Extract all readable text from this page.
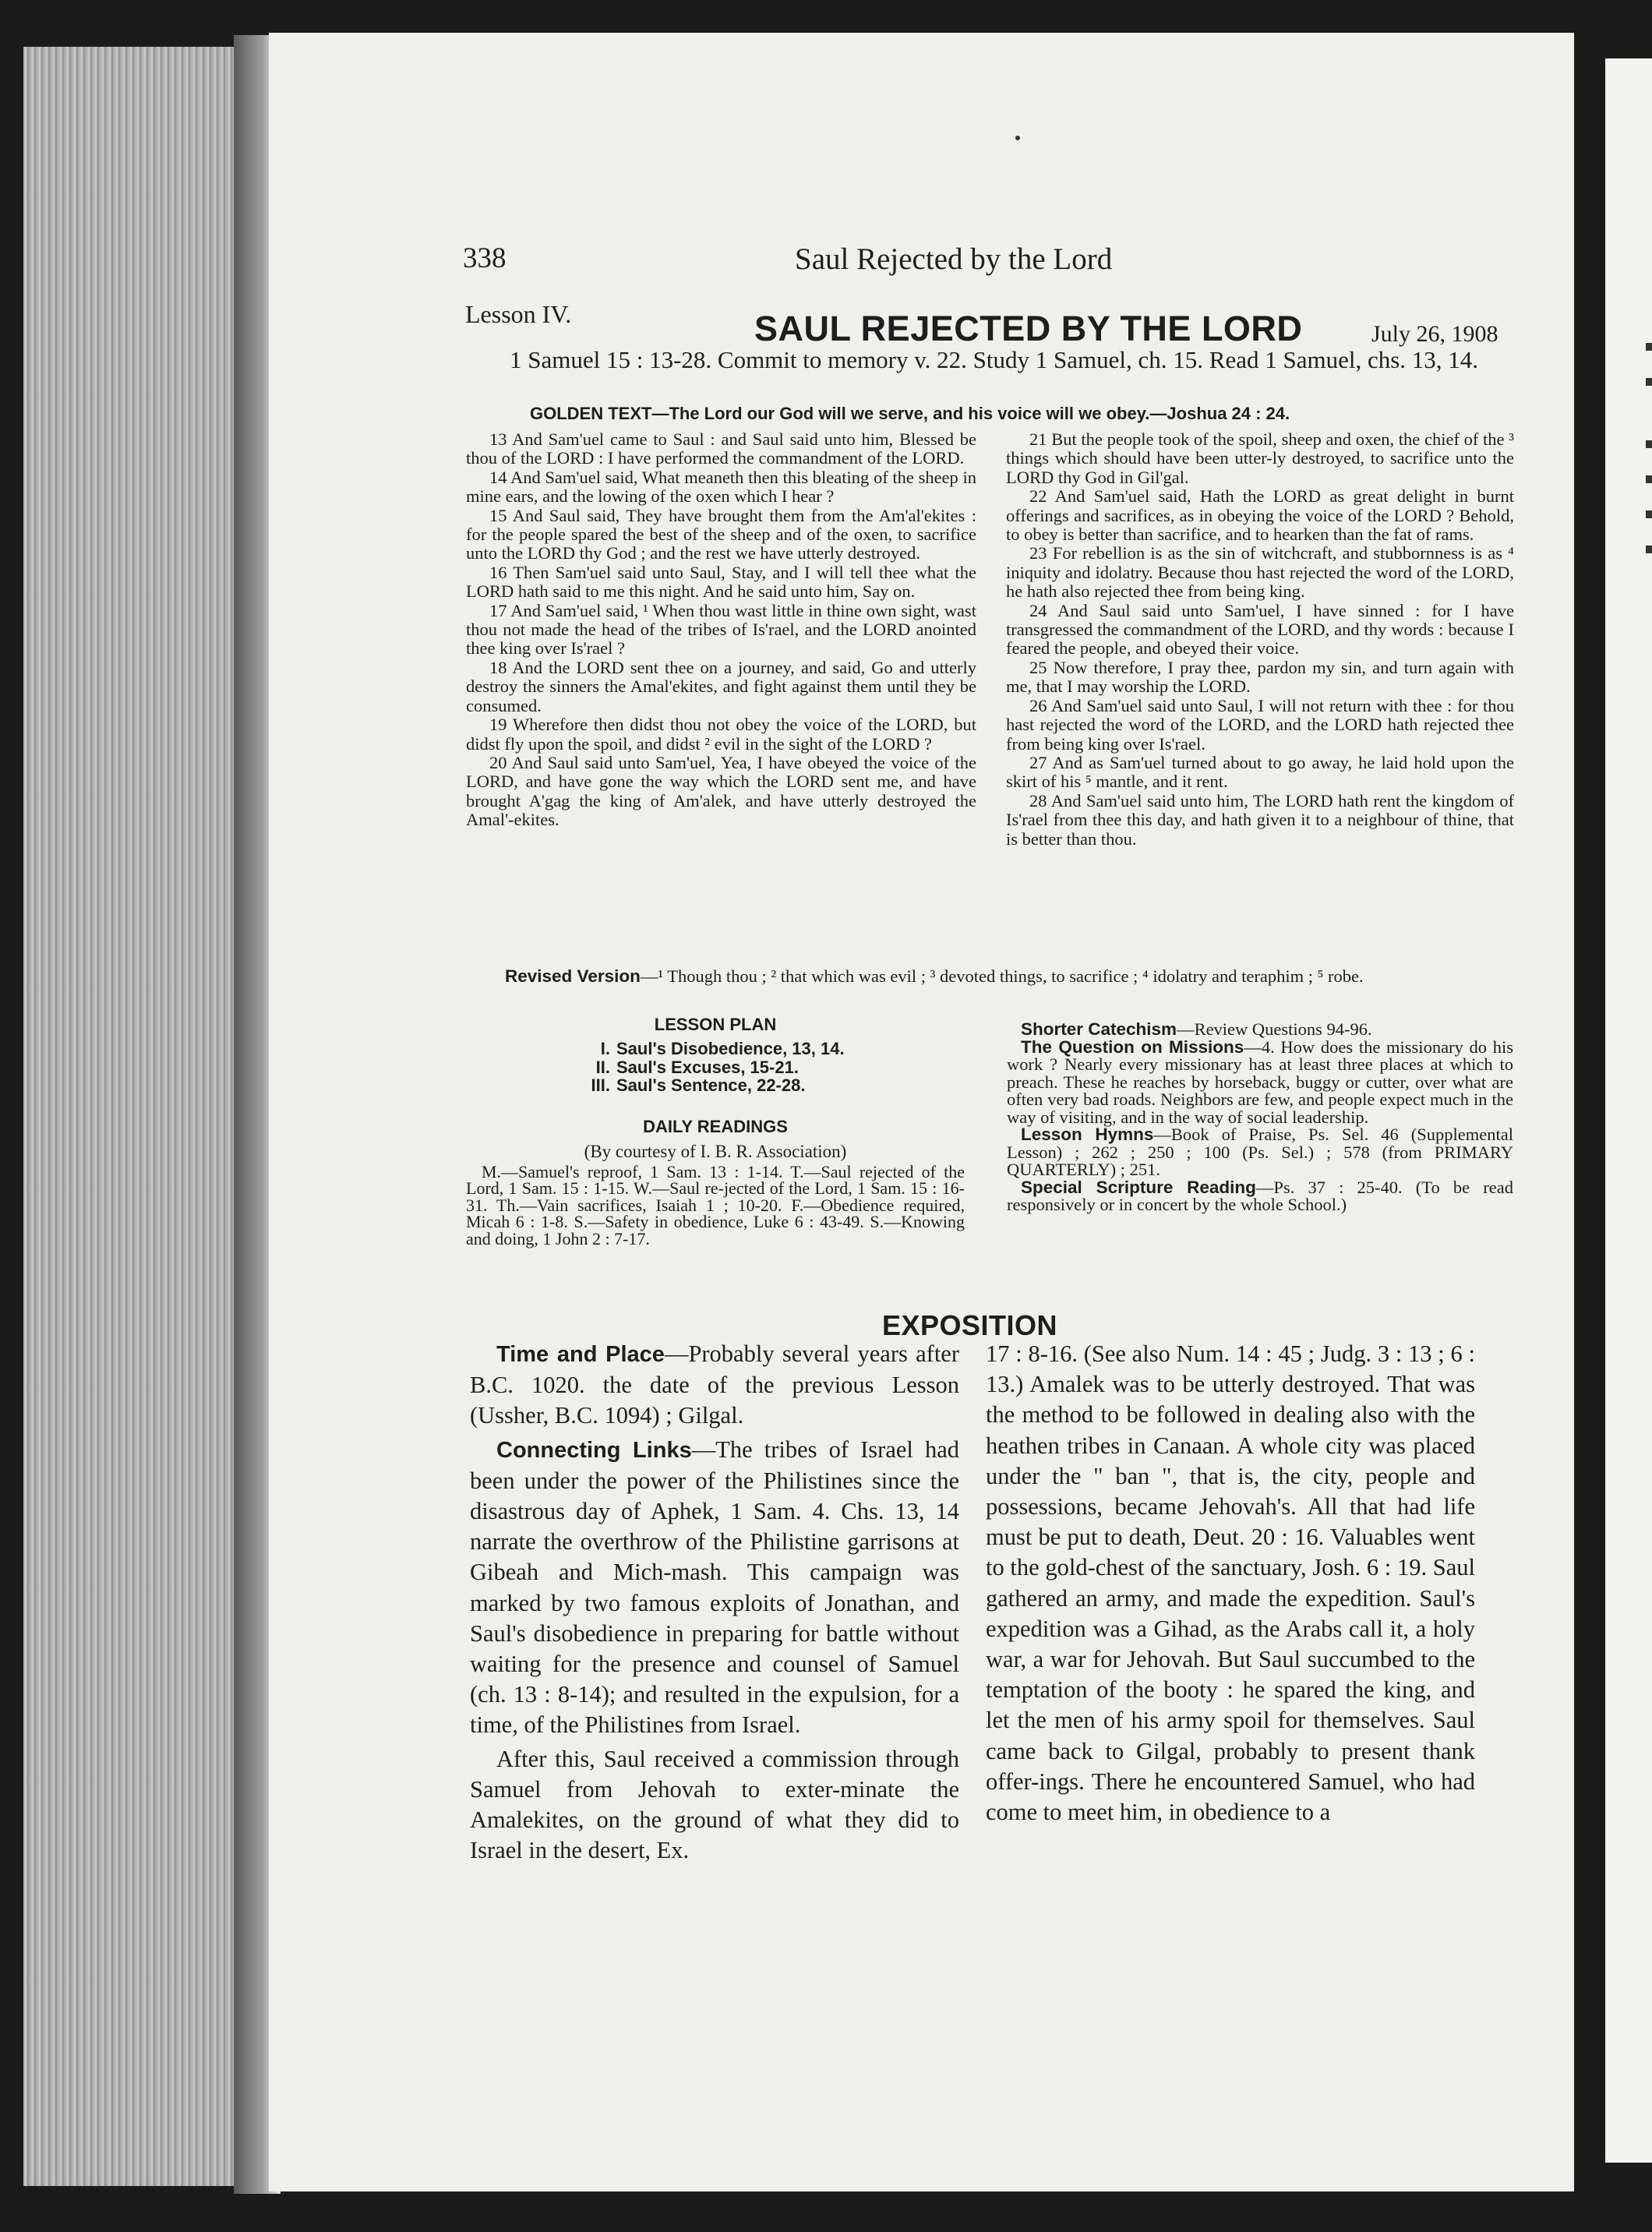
338	Saul Rejected by the Lord
Lesson IV.	SAUL REJECTED BY THE LORD	July 26, 1908
1 Samuel 15 : 13-28. Commit to memory v. 22. Study 1 Samuel, ch. 15. Read 1 Samuel, chs. 13, 14.
GOLDEN TEXT—The Lord our God will we serve, and his voice will we obey.—Joshua 24 : 24.

13 And Sam'uel came to Saul : and Saul said unto him, Blessed be thou of the LORD : I have performed the commandment of the LORD.

14 And Sam'uel said, What meaneth then this bleating of the sheep in mine ears, and the lowing of the oxen which I hear ?

15 And Saul said, They have brought them from the Am'al'ekites : for the people spared the best of the sheep and of the oxen, to sacrifice unto the LORD thy God ; and the rest we have utterly destroyed.

16 Then Sam'uel said unto Saul, Stay, and I will tell thee what the LORD hath said to me this night. And he said unto him, Say on.

17 And Sam'uel said, ¹ When thou wast little in thine own sight, wast thou not made the head of the tribes of Is'rael, and the LORD anointed thee king over Is'rael ?

18 And the LORD sent thee on a journey, and said, Go and utterly destroy the sinners the Amal'ekites, and fight against them until they be consumed.

19 Wherefore then didst thou not obey the voice of the LORD, but didst fly upon the spoil, and didst ² evil in the sight of the LORD ?

20 And Saul said unto Sam'uel, Yea, I have obeyed the voice of the LORD, and have gone the way which the LORD sent me, and have brought A'gag the king of Am'alek, and have utterly destroyed the Amal'-ekites.

21 But the people took of the spoil, sheep and oxen, the chief of the ³ things which should have been utter-ly destroyed, to sacrifice unto the LORD thy God in Gil'gal.

22 And Sam'uel said, Hath the LORD as great delight in burnt offerings and sacrifices, as in obeying the voice of the LORD ? Behold, to obey is better than sacrifice, and to hearken than the fat of rams.

23 For rebellion is as the sin of witchcraft, and stubbornness is as ⁴ iniquity and idolatry. Because thou hast rejected the word of the LORD, he hath also rejected thee from being king.

24 And Saul said unto Sam'uel, I have sinned : for I have transgressed the commandment of the LORD, and thy words : because I feared the people, and obeyed their voice.

25 Now therefore, I pray thee, pardon my sin, and turn again with me, that I may worship the LORD.

26 And Sam'uel said unto Saul, I will not return with thee : for thou hast rejected the word of the LORD, and the LORD hath rejected thee from being king over Is'rael.

27 And as Sam'uel turned about to go away, he laid hold upon the skirt of his ⁵ mantle, and it rent.

28 And Sam'uel said unto him, The LORD hath rent the kingdom of Is'rael from thee this day, and hath given it to a neighbour of thine, that is better than thou.

Revised Version—¹ Though thou ; ² that which was evil ; ³ devoted things, to sacrifice ; ⁴ idolatry and teraphim ; ⁵ robe.

LESSON PLAN

I. Saul's Disobedience, 13, 14.
II. Saul's Excuses, 15-21.
III. Saul's Sentence, 22-28.

DAILY READINGS

(By courtesy of I. B. R. Association)

M.—Samuel's reproof, 1 Sam. 13 : 1-14. T.—Saul rejected of the Lord, 1 Sam. 15 : 1-15. W.—Saul re-jected of the Lord, 1 Sam. 15 : 16-31. Th.—Vain sacrifices, Isaiah 1 ; 10-20. F.—Obedience required, Micah 6 : 1-8. S.—Safety in obedience, Luke 6 : 43-49. S.—Knowing and doing, 1 John 2 : 7-17.

Shorter Catechism—Review Questions 94-96.

The Question on Missions—4. How does the missionary do his work ? Nearly every missionary has at least three places at which to preach. These he reaches by horseback, buggy or cutter, over what are often very bad roads. Neighbors are few, and people expect much in the way of visiting, and in the way of social leadership.

Lesson Hymns—Book of Praise, Ps. Sel. 46 (Supplemental Lesson) ; 262 ; 250 ; 100 (Ps. Sel.) ; 578 (from PRIMARY QUARTERLY) ; 251.

Special Scripture Reading—Ps. 37 : 25-40. (To be read responsively or in concert by the whole School.)

EXPOSITION

Time and Place—Probably several years after B.C. 1020. the date of the previous Lesson (Ussher, B.C. 1094) ; Gilgal.

Connecting Links—The tribes of Israel had been under the power of the Philistines since the disastrous day of Aphek, 1 Sam. 4. Chs. 13, 14 narrate the overthrow of the Philistine garrisons at Gibeah and Mich-mash. This campaign was marked by two famous exploits of Jonathan, and Saul's disobedience in preparing for battle without waiting for the presence and counsel of Samuel (ch. 13 : 8-14); and resulted in the expulsion, for a time, of the Philistines from Israel.

After this, Saul received a commission through Samuel from Jehovah to exter-minate the Amalekites, on the ground of what they did to Israel in the desert, Ex.

17 : 8-16. (See also Num. 14 : 45 ; Judg. 3 : 13 ; 6 : 13.) Amalek was to be utterly destroyed. That was the method to be followed in dealing also with the heathen tribes in Canaan. A whole city was placed under the " ban ", that is, the city, people and possessions, became Jehovah's. All that had life must be put to death, Deut. 20 : 16. Valuables went to the gold-chest of the sanctuary, Josh. 6 : 19. Saul gathered an army, and made the expedition. Saul's expedition was a Gihad, as the Arabs call it, a holy war, a war for Jehovah. But Saul succumbed to the temptation of the booty : he spared the king, and let the men of his army spoil for themselves. Saul came back to Gilgal, probably to present thank offer-ings. There he encountered Samuel, who had come to meet him, in obedience to a
